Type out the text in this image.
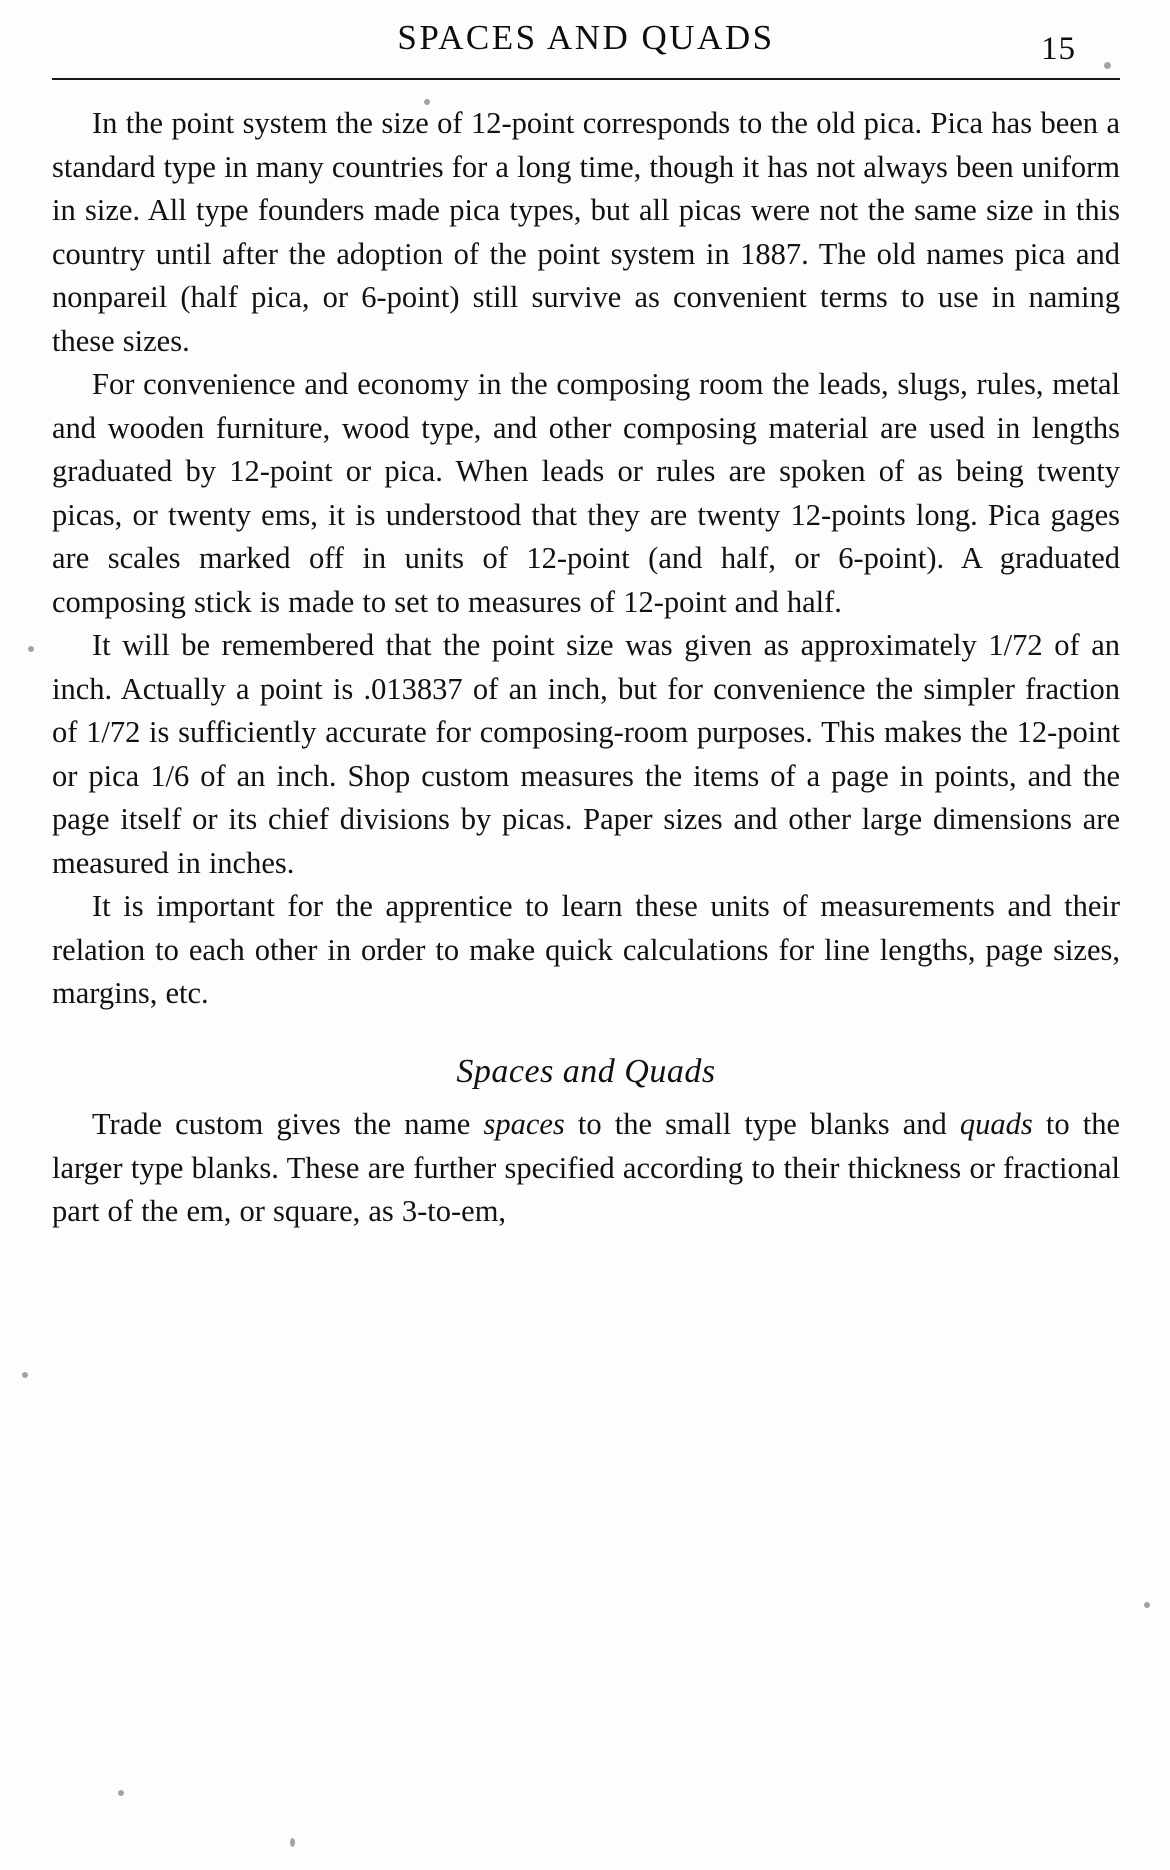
SPACES AND QUADS	15

In the point system the size of 12-point corresponds to the old pica. Pica has been a standard type in many countries for a long time, though it has not always been uniform in size. All type founders made pica types, but all picas were not the same size in this country until after the adoption of the point system in 1887. The old names pica and nonpareil (half pica, or 6-point) still survive as convenient terms to use in naming these sizes.

For convenience and economy in the composing room the leads, slugs, rules, metal and wooden furniture, wood type, and other composing material are used in lengths graduated by 12-point or pica. When leads or rules are spoken of as being twenty picas, or twenty ems, it is understood that they are twenty 12-points long. Pica gages are scales marked off in units of 12-point (and half, or 6-point). A graduated composing stick is made to set to measures of 12-point and half.

It will be remembered that the point size was given as approximately 1/72 of an inch. Actually a point is .013837 of an inch, but for convenience the simpler fraction of 1/72 is sufficiently accurate for composing-room purposes. This makes the 12-point or pica 1/6 of an inch. Shop custom measures the items of a page in points, and the page itself or its chief divisions by picas. Paper sizes and other large dimensions are measured in inches.

It is important for the apprentice to learn these units of measurements and their relation to each other in order to make quick calculations for line lengths, page sizes, margins, etc.

Spaces and Quads

Trade custom gives the name spaces to the small type blanks and quads to the larger type blanks. These are further specified according to their thickness or fractional part of the em, or square, as 3-to-em,
